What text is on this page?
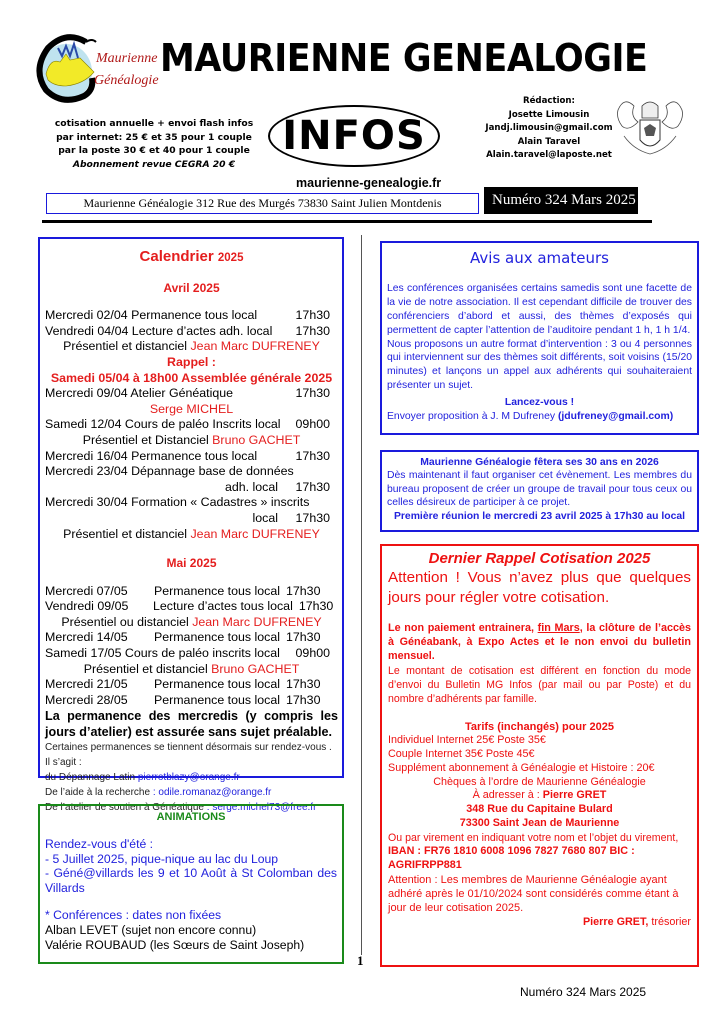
Maurienne
Généalogie
MAURIENNE GENEALOGIE
cotisation annuelle + envoi flash infos
par internet: 25 € et 35 pour 1 couple
par la poste 30 € et 40 pour 1 couple
Abonnement revue CEGRA 20 €
INFOS
Rédaction:
Josette Limousin
Jandj.limousin@gmail.com
Alain Taravel
Alain.taravel@laposte.net
maurienne-genealogie.fr
Maurienne Généalogie 312 Rue des Murgés 73830 Saint Julien Montdenis	Numéro 324 Mars 2025
1
Calendrier 2025
Avril 2025
Mercredi 02/04 Permanence tous local	17h30
Vendredi 04/04 Lecture d’actes adh. local 17h30
Présentiel et distanciel Jean Marc DUFRENEY
Rappel :
Samedi 05/04 à 18h00 Assemblée générale 2025
Mercredi 09/04 Atelier Généatique	17h30
Serge MICHEL
Samedi 12/04 Cours de paléo Inscrits local 09h00
Présentiel et Distanciel Bruno GACHET
Mercredi 16/04 Permanence tous local	17h30
Mercredi 23/04 Dépannage base de données
adh. local 17h30
Mercredi 30/04 Formation « Cadastres » inscrits
local 17h30
Présentiel et distanciel Jean Marc DUFRENEY
Mai 2025
Mercredi 07/05	Permanence tous local 17h30
Vendredi 09/05	Lecture d’actes tous local 17h30
Présentiel ou distanciel Jean Marc DUFRENEY
Mercredi 14/05	Permanence tous local 17h30
Samedi 17/05 Cours de paléo inscrits local 09h00
Présentiel et distanciel Bruno GACHET
Mercredi 21/05	Permanence tous local 17h30
Mercredi 28/05	Permanence tous local 17h30
La permanence des mercredis (y compris les jours d’atelier) est assurée sans sujet préalable.
Certaines permanences se tiennent désormais sur rendez-vous . Il s’agit :
du Dépannage Latin pierrotblazy@orange.fr
De l’aide à la recherche : odile.romanaz@orange.fr
De l’atelier de soutien à Généatique : serge.michel73@free.fr
ANIMATIONS
Rendez-vous d'été :
- 5 Juillet 2025, pique-nique au lac du Loup
- Géné@villards les 9 et 10 Août à St Colomban des Villards
* Conférences : dates non fixées
Alban LEVET (sujet non encore connu)
Valérie ROUBAUD (les Sœurs de Saint Joseph)
Avis aux amateurs
Les conférences organisées certains samedis sont une facette de la vie de notre association. Il est cependant difficile de trouver des conférenciers d’abord et aussi, des thèmes d’exposés qui permettent de capter l’attention de l’auditoire pendant 1 h, 1 h 1/4.
Nous proposons un autre format d’intervention : 3 ou 4 personnes qui interviennent sur des thèmes soit différents, soit voisins (15/20 minutes) et lançons un appel aux adhérents qui souhaiteraient présenter un sujet.
Lancez-vous !
Envoyer proposition à J. M Dufreney (jdufreney@gmail.com)
Maurienne Généalogie fêtera ses 30 ans en 2026
Dès maintenant il faut organiser cet évènement. Les membres du bureau proposent de créer un groupe de travail pour tous ceux ou celles désireux de participer à ce projet.
Première réunion le mercredi 23 avril 2025 à 17h30 au local
Dernier Rappel Cotisation 2025
Attention ! Vous n’avez plus que quelques jours pour régler votre cotisation.
Le non paiement entrainera, fin Mars, la clôture de l’accès à Généabank, à Expo Actes et le non envoi du bulletin mensuel.
Le montant de cotisation est différent en fonction du mode d’envoi du Bulletin MG Infos (par mail ou par Poste) et du nombre d’adhérents par famille.
Tarifs (inchangés) pour 2025
Individuel Internet 25€ Poste 35€
Couple Internet 35€ Poste 45€
Supplément abonnement à Généalogie et Histoire : 20€
Chèques à l’ordre de Maurienne Généalogie
À adresser à : Pierre GRET
348 Rue du Capitaine Bulard
73300 Saint Jean de Maurienne
Ou par virement en indiquant votre nom et l’objet du virement,
IBAN : FR76 1810 6008 1096 7827 7680 807 BIC :
AGRIFRPP881
Attention : Les membres de Maurienne Généalogie ayant adhéré après le 01/10/2024 sont considérés comme étant à jour de leur cotisation 2025.
Pierre GRET, trésorier
Numéro 324 Mars 2025
